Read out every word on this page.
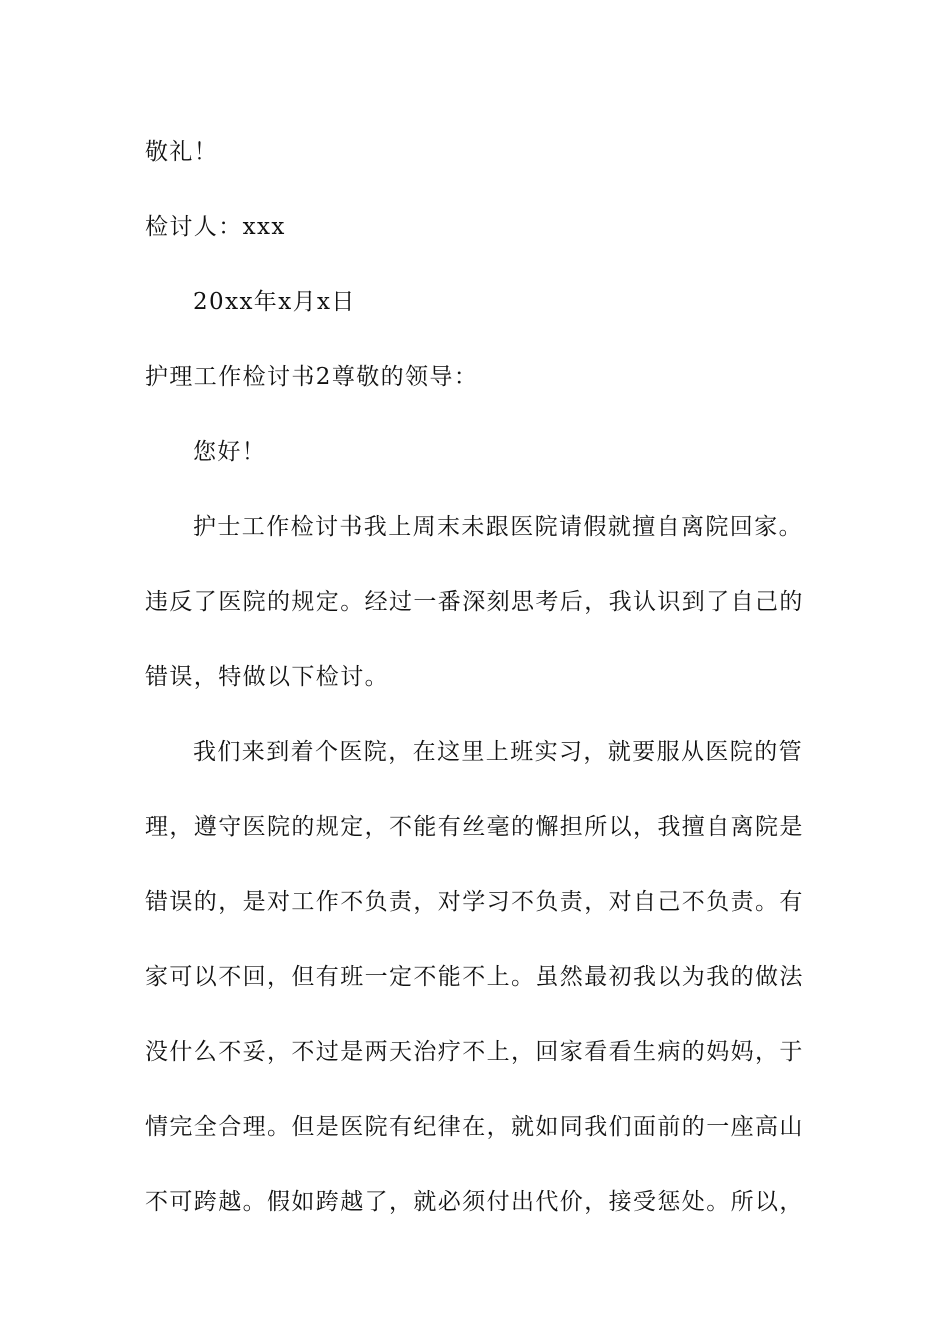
敬礼！
检讨人：xxx
20xx年x月x日
护理工作检讨书2尊敬的领导：
您好！
护士工作检讨书我上周末未跟医院请假就擅自离院回家。
违反了医院的规定。经过一番深刻思考后，我认识到了自己的
错误，特做以下检讨。
我们来到着个医院，在这里上班实习，就要服从医院的管
理，遵守医院的规定，不能有丝毫的懈担所以，我擅自离院是
错误的，是对工作不负责，对学习不负责，对自己不负责。有
家可以不回，但有班一定不能不上。虽然最初我以为我的做法
没什么不妥，不过是两天治疗不上，回家看看生病的妈妈，于
情完全合理。但是医院有纪律在，就如同我们面前的一座高山
不可跨越。假如跨越了，就必须付出代价，接受惩处。所以，
